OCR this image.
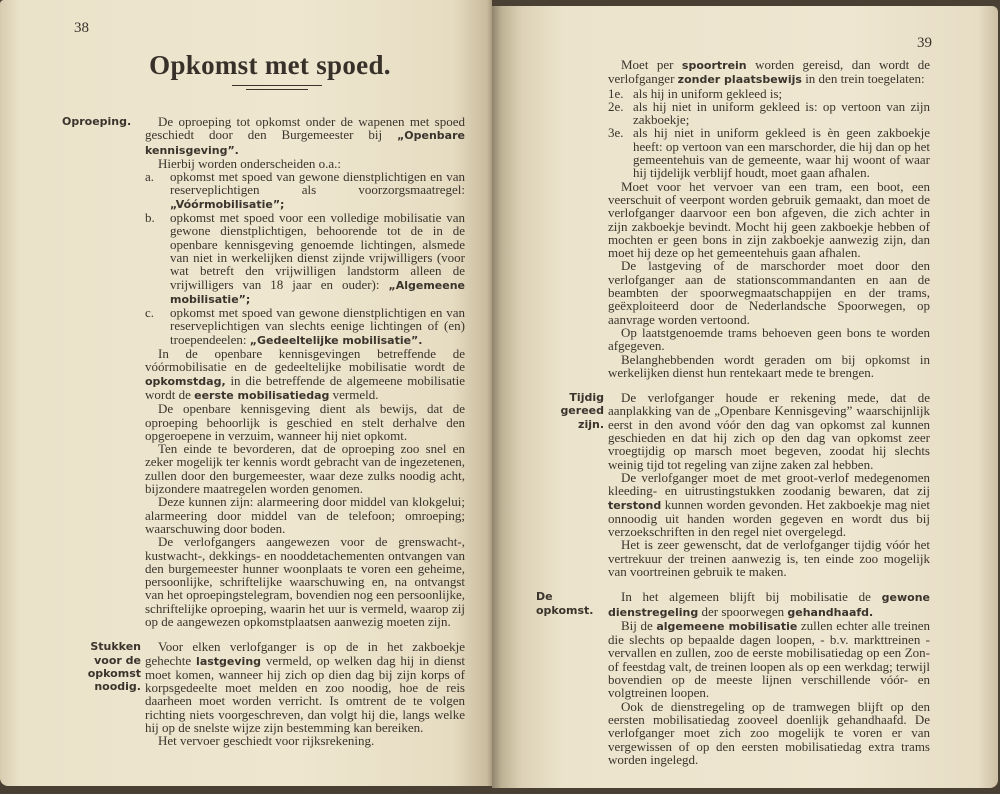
38
Opkomst met spoed.
Oproeping.	De oproeping tot opkomst onder de wapenen met spoed geschiedt door den Burgemeester bij „Openbare kennisgeving”.

Hierbij worden onderscheiden o.a.:

a. opkomst met spoed van gewone dienstplichtigen en van reserveplichtigen als voorzorgsmaatregel: „Vóórmobilisatie”;

b. opkomst met spoed voor een volledige mobilisatie van gewone dienstplichtigen, behoorende tot de in de openbare kennisgeving genoemde lichtingen, alsmede van niet in werkelijken dienst zijnde vrijwilligers (voor wat betreft den vrijwilligen landstorm alleen de vrijwilligers van 18 jaar en ouder): „Algemeene mobilisatie”;

c. opkomst met spoed van gewone dienstplichtigen en van reserveplichtigen van slechts eenige lichtingen of (en) troependeelen: „Gedeeltelijke mobilisatie”.

In de openbare kennisgevingen betreffende de vóórmobilisatie en de gedeeltelijke mobilisatie wordt de opkomstdag, in die betreffende de algemeene mobilisatie wordt de eerste mobilisatiedag vermeld.

De openbare kennisgeving dient als bewijs, dat de oproeping behoorlijk is geschied en stelt derhalve den opgeroepene in verzuim, wanneer hij niet opkomt.

Ten einde te bevorderen, dat de oproeping zoo snel en zeker mogelijk ter kennis wordt gebracht van de ingezetenen, zullen door den burgemeester, waar deze zulks noodig acht, bijzondere maatregelen worden genomen.

Deze kunnen zijn: alarmeering door middel van klokgelui; alarmeering door middel van de telefoon; omroeping; waarschuwing door boden.

De verlofgangers aangewezen voor de grenswacht-, kustwacht-, dekkings- en nooddetachementen ontvangen van den burgemeester hunner woonplaats te voren een geheime, persoonlijke, schriftelijke waarschuwing en, na ontvangst van het oproepingstelegram, bovendien nog een persoonlijke, schriftelijke oproeping, waarin het uur is vermeld, waarop zij op de aangewezen opkomstplaatsen aanwezig moeten zijn.

Stukken voor de opkomst noodig.

Voor elken verlofganger is op de in het zakboekje gehechte lastgeving vermeld, op welken dag hij in dienst moet komen, wanneer hij zich op dien dag bij zijn korps of korpsgedeelte moet melden en zoo noodig, hoe de reis daarheen moet worden verricht. Is omtrent de te volgen richting niets voorgeschreven, dan volgt hij die, langs welke hij op de snelste wijze zijn bestemming kan bereiken.

Het vervoer geschiedt voor rijksrekening.

39

Moet per spoortrein worden gereisd, dan wordt de verlofganger zonder plaatsbewijs in den trein toegelaten:

1e. als hij in uniform gekleed is;

2e. als hij niet in uniform gekleed is: op vertoon van zijn zakboekje;

3e. als hij niet in uniform gekleed is èn geen zakboekje heeft: op vertoon van een marschorder, die hij dan op het gemeentehuis van de gemeente, waar hij woont of waar hij tijdelijk verblijf houdt, moet gaan afhalen.

Moet voor het vervoer van een tram, een boot, een veerschuit of veerpont worden gebruik gemaakt, dan moet de verlofganger daarvoor een bon afgeven, die zich achter in zijn zakboekje bevindt. Mocht hij geen zakboekje hebben of mochten er geen bons in zijn zakboekje aanwezig zijn, dan moet hij deze op het gemeentehuis gaan afhalen.

De lastgeving of de marschorder moet door den verlofganger aan de stationscommandanten en aan de beambten der spoorwegmaatschappijen en der trams, geëxploiteerd door de Nederlandsche Spoorwegen, op aanvrage worden vertoond.

Op laatstgenoemde trams behoeven geen bons te worden afgegeven.

Belanghebbenden wordt geraden om bij opkomst in werkelijken dienst hun rentekaart mede te brengen.

Tijdig gereed zijn.

De verlofganger houde er rekening mede, dat de aanplakking van de „Openbare Kennisgeving” waarschijnlijk eerst in den avond vóór den dag van opkomst zal kunnen geschieden en dat hij zich op den dag van opkomst zeer vroegtijdig op marsch moet begeven, zoodat hij slechts weinig tijd tot regeling van zijne zaken zal hebben.

De verlofganger moet de met groot-verlof medegenomen kleeding- en uitrustingstukken zoodanig bewaren, dat zij terstond kunnen worden gevonden. Het zakboekje mag niet onnoodig uit handen worden gegeven en wordt dus bij verzoekschriften in den regel niet overgelegd.

Het is zeer gewenscht, dat de verlofganger tijdig vóór het vertrekuur der treinen aanwezig is, ten einde zoo mogelijk van voortreinen gebruik te maken.

De opkomst.

In het algemeen blijft bij mobilisatie de gewone dienstregeling der spoorwegen gehandhaafd.

Bij de algemeene mobilisatie zullen echter alle treinen die slechts op bepaalde dagen loopen, - b.v. markttreinen - vervallen en zullen, zoo de eerste mobilisatiedag op een Zon- of feestdag valt, de treinen loopen als op een werkdag; terwijl bovendien op de meeste lijnen verschillende vóór- en volgtreinen loopen.

Ook de dienstregeling op de tramwegen blijft op den eersten mobilisatiedag zooveel doenlijk gehandhaafd. De verlofganger moet zich zoo mogelijk te voren er van vergewissen of op den eersten mobilisatiedag extra trams worden ingelegd.
